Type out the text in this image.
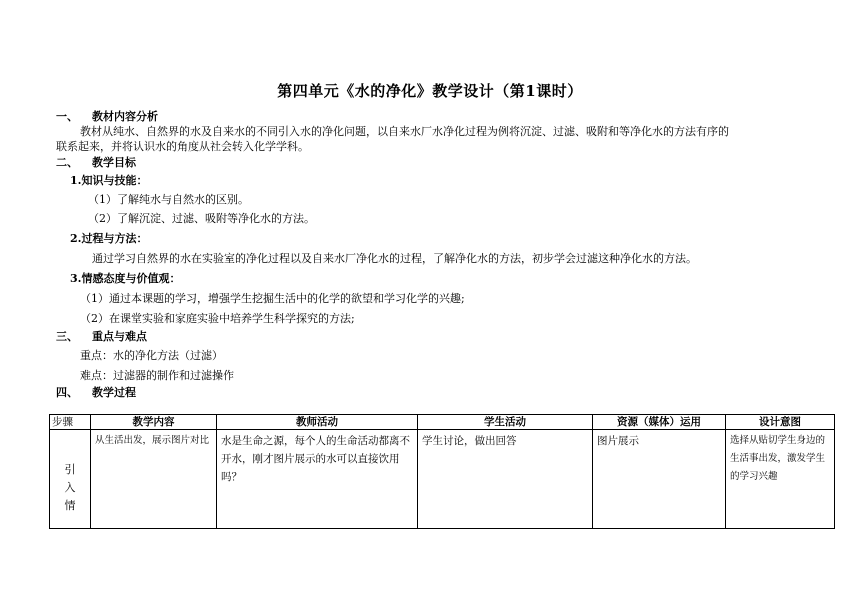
第四单元《水的净化》教学设计（第1课时）
一、 教材内容分析
教材从纯水、自然界的水及自来水的不同引入水的净化问题，以自来水厂水净化过程为例将沉淀、过滤、吸附和等净化水的方法有序的
联系起来，并将认识水的角度从社会转入化学学科。
二、 教学目标
1.知识与技能：
（1）了解纯水与自然水的区别。
（2）了解沉淀、过滤、吸附等净化水的方法。
2.过程与方法：
通过学习自然界的水在实验室的净化过程以及自来水厂净化水的过程，了解净化水的方法，初步学会过滤这种净化水的方法。
3.情感态度与价值观：
（1）通过本课题的学习，增强学生挖掘生活中的化学的欲望和学习化学的兴趣;
（2）在课堂实验和家庭实验中培养学生科学探究的方法;
三、 重点与难点
重点：水的净化方法（过滤）
难点：过滤器的制作和过滤操作
四、 教学过程
步骤	教学内容	教师活动	学生活动	资源（媒体）运用	设计意图

引
入
情	从生活出发，展示图片对比	水是生命之源，每个人的生命活动都离不开水，刚才图片展示的水可以直接饮用吗？	学生讨论，做出回答	图片展示	选择从贴切学生身边的生活事出发，激发学生的学习兴趣
